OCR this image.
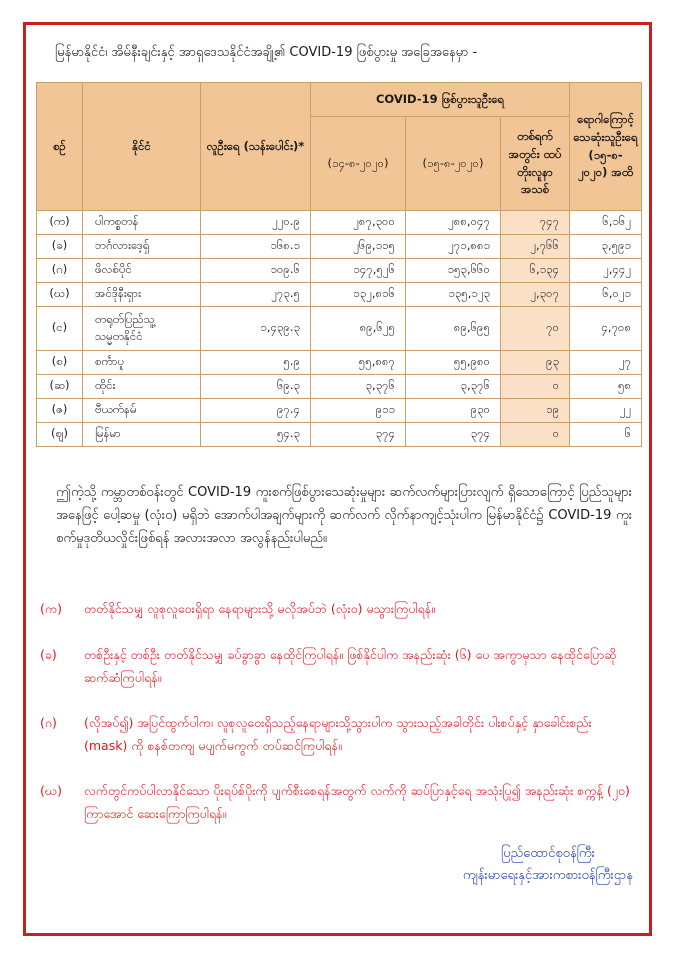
မြန်မာနိုင်ငံ၊ အိမ်နီးချင်းနှင့် အာရှဒေသနိုင်ငံအချို့၏ COVID-19 ဖြစ်ပွားမှု အခြေအနေမှာ -
စဉ်	နိုင်ငံ	လူဦးရေ (သန်းပေါင်း)*	COVID-19 ဖြစ်ပွားသူဦးရေ			ရောဂါကြောင့် သေဆုံးသူဦးရေ (၁၅-၈- ၂၀၂၀) အထိ
			(၁၄-၈-၂၀၂၀)	(၁၅-၈-၂၀၂၀)	တစ်ရက်အတွင်း ထပ်တိုးလူနာအသစ်	
(က)	ပါကစ္စတန်	၂၂၀.၉	၂၈၇,၃၀၀	၂၈၈,၀၄၇	၇၄၇	၆,၁၆၂
(ခ)	ဘင်္ဂလားဒေ့ရှ်	၁၆၈.၁	၂၆၉,၁၁၅	၂၇၁,၈၈၁	၂,၇၆၆	၃,၅၉၁
(ဂ)	ဖိလစ်ပိုင်	၁၀၉.၆	၁၄၇,၅၂၆	၁၅၃,၆၆၀	၆,၁၃၄	၂,၄၄၂
(ဃ)	အင်ဒိုနီးရှား	၂၇၃.၅	၁၃၂,၈၁၆	၁၃၅,၁၂၃	၂,၃၀၇	၆,၀၂၁
(င)	တရုတ်ပြည်သူ့သမ္မတနိုင်ငံ	၁,၄၃၉.၃	၈၉,၆၂၅	၈၉,၆၉၅	၇၀	၄,၇၀၈
(စ)	စင်္ကာပူ	၅.၉	၅၅,၈၈၇	၅၅,၉၈၀	၉၃	၂၇
(ဆ)	ထိုင်း	၆၉.၃	၃,၃၇၆	၃,၃၇၆	၀	၅၈
(ဇ)	ဗီယက်နမ်	၉၇.၄	၉၁၁	၉၃၀	၁၉	၂၂
(ဈ)	မြန်မာ	၅၄.၃	၃၇၄	၃၇၄	၀	၆
ဤကဲ့သို့ ကမ္ဘာတစ်ဝန်းတွင် COVID-19 ကူးစက်ဖြစ်ပွားသေဆုံးမှုများ ဆက်လက်များပြားလျက် ရှိသောကြောင့် ပြည်သူများအနေဖြင့် ပေါ့ဆမှု (လုံးဝ) မရှိဘဲ အောက်ပါအချက်များကို ဆက်လက် လိုက်နာကျင့်သုံးပါက မြန်မာနိုင်ငံ၌ COVID-19 ကူးစက်မှုဒုတိယလှိုင်းဖြစ်ရန် အလားအလာ အလွန်နည်းပါမည်။
(က)	တတ်နိုင်သမျှ လူစုလူဝေးရှိရာ နေရာများသို့ မလိုအပ်ဘဲ (လုံးဝ) မသွားကြပါရန်။
(ခ)	တစ်ဦးနှင့် တစ်ဦး တတ်နိုင်သမျှ ခပ်ခွာခွာ နေထိုင်ကြပါရန်။ ဖြစ်နိုင်ပါက အနည်းဆုံး (၆) ပေ အကွာမှသာ နေထိုင်ပြောဆိုဆက်ဆံကြပါရန်။
(ဂ)	(လိုအပ်၍) အပြင်ထွက်ပါက၊ လူစုလူဝေးရှိသည့်နေရာများသို့သွားပါက သွားသည့်အခါတိုင်း ပါးစပ်နှင့် နှာခေါင်းစည်း (mask) ကို စနစ်တကျ မပျက်မကွက် တပ်ဆင်ကြပါရန်။
(ဃ)	လက်တွင်ကပ်ပါလာနိုင်သော ပိုးရပ်စ်ပိုးကို ပျက်စီးစေရန်အတွက် လက်ကို ဆပ်ပြာနှင့်ရေ အသုံးပြု၍ အနည်းဆုံး စက္ကန့် (၂၀) ကြာအောင် ဆေးကြောကြပါရန်။
ပြည်ထောင်စုဝန်ကြီး
ကျန်းမာရေးနှင့်အားကစားဝန်ကြီးဌာန
